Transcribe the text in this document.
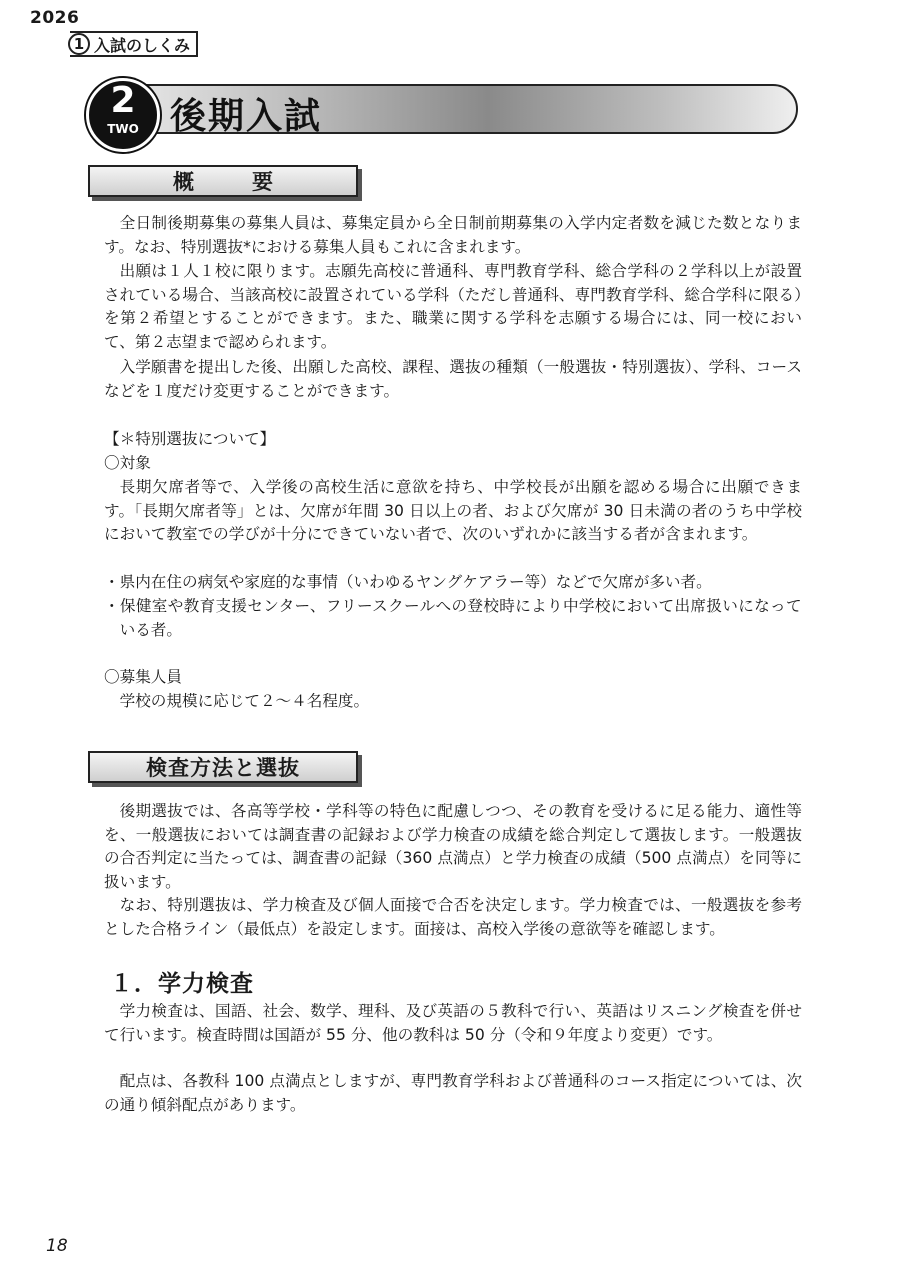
2026
1 入試のしくみ
2
TWO 後期入試
概要
全日制後期募集の募集人員は、募集定員から全日制前期募集の入学内定者数を減じた数となります。なお、特別選抜*における募集人員もこれに含まれます。
出願は１人１校に限ります。志願先高校に普通科、専門教育学科、総合学科の２学科以上が設置されている場合、当該高校に設置されている学科（ただし普通科、専門教育学科、総合学科に限る）を第２希望とすることができます。また、職業に関する学科を志願する場合には、同一校において、第２志望まで認められます。
入学願書を提出した後、出願した高校、課程、選抜の種類（一般選抜・特別選抜）、学科、コースなどを１度だけ変更することができます。
【＊特別選抜について】
〇対象
長期欠席者等で、入学後の高校生活に意欲を持ち、中学校長が出願を認める場合に出願できます。「長期欠席者等」とは、欠席が年間 30 日以上の者、および欠席が 30 日未満の者のうち中学校において教室での学びが十分にできていない者で、次のいずれかに該当する者が含まれます。
・県内在住の病気や家庭的な事情（いわゆるヤングケアラー等）などで欠席が多い者。
・保健室や教育支援センター、フリースクールへの登校時により中学校において出席扱いになっている者。
〇募集人員
学校の規模に応じて２～４名程度。
検査方法と選抜
後期選抜では、各高等学校・学科等の特色に配慮しつつ、その教育を受けるに足る能力、適性等を、一般選抜においては調査書の記録および学力検査の成績を総合判定して選抜します。一般選抜の合否判定に当たっては、調査書の記録（360 点満点）と学力検査の成績（500 点満点）を同等に扱います。
なお、特別選抜は、学力検査及び個人面接で合否を決定します。学力検査では、一般選抜を参考とした合格ライン（最低点）を設定します。面接は、高校入学後の意欲等を確認します。
１．学力検査
学力検査は、国語、社会、数学、理科、及び英語の５教科で行い、英語はリスニング検査を併せて行います。検査時間は国語が 55 分、他の教科は 50 分（令和９年度より変更）です。
配点は、各教科 100 点満点としますが、専門教育学科および普通科のコース指定については、次の通り傾斜配点があります。
18
